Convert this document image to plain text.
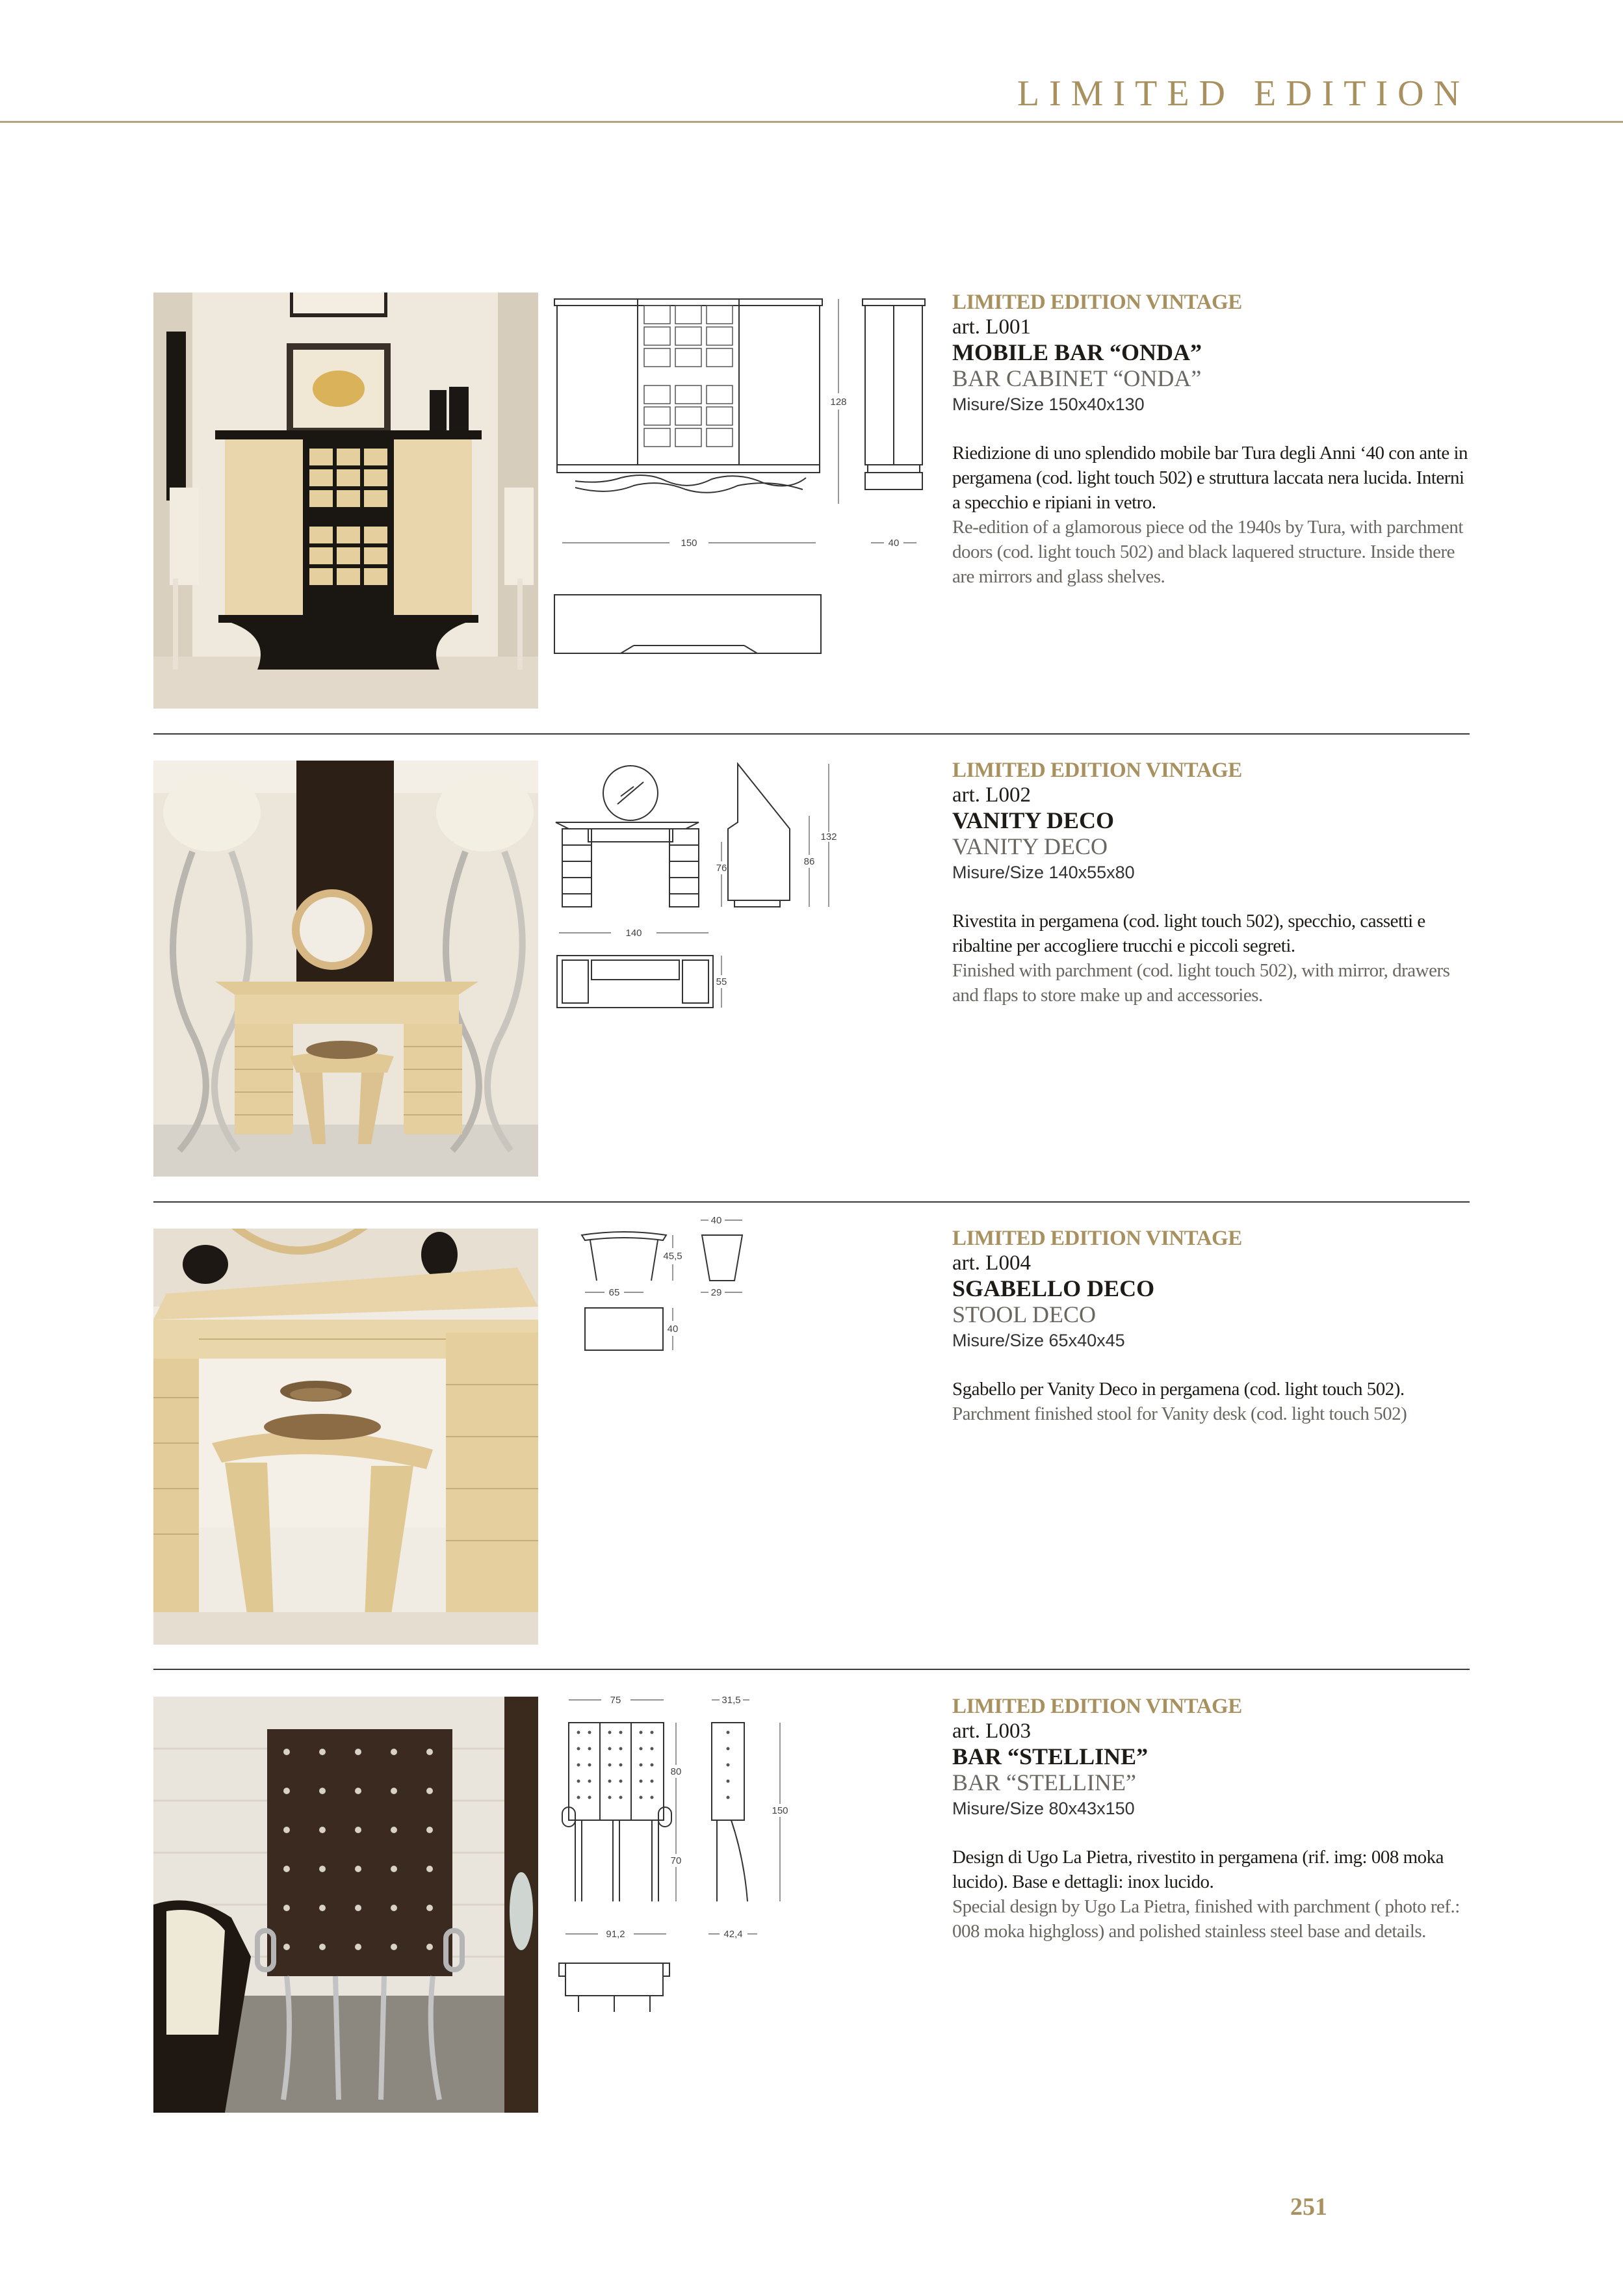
LIMITED EDITION
150
128
40

LIMITED EDITION VINTAGE

art. L001

MOBILE BAR “ONDA”

BAR CABINET “ONDA”

Misure/Size 150x40x130

Riedizione di uno splendido mobile bar Tura degli Anni ‘40 con ante in pergamena (cod. light touch 502) e struttura laccata nera lucida. Interni a specchio e ripiani in vetro.

Re-edition of a glamorous piece od the 1940s by Tura, with parchment doors (cod. light touch 502) and black laquered structure. Inside there are mirrors and glass shelves.

140
76
86
132
55

LIMITED EDITION VINTAGE

art. L002

VANITY DECO

VANITY DECO

Misure/Size 140x55x80

Rivestita in pergamena (cod. light touch 502), specchio, cassetti e ribaltine per accogliere trucchi e piccoli segreti.

Finished with parchment (cod. light touch 502), with mirror, drawers and flaps to store make up and accessories.

65
45,5
40
29
40

LIMITED EDITION VINTAGE

art. L004

SGABELLO DECO

STOOL DECO

Misure/Size 65x40x45

Sgabello per Vanity Deco in pergamena (cod. light touch 502).

Parchment finished stool for Vanity desk (cod. light touch 502)

75	31,5
80
70
150
91,2	42,4

LIMITED EDITION VINTAGE

art. L003

BAR “STELLINE”

BAR “STELLINE”

Misure/Size 80x43x150

Design di Ugo La Pietra, rivestito in pergamena (rif. img: 008 moka lucido). Base e dettagli: inox lucido.

Special design by Ugo La Pietra, finished with parchment ( photo ref.: 008 moka highgloss) and polished stainless steel base and details.

251
